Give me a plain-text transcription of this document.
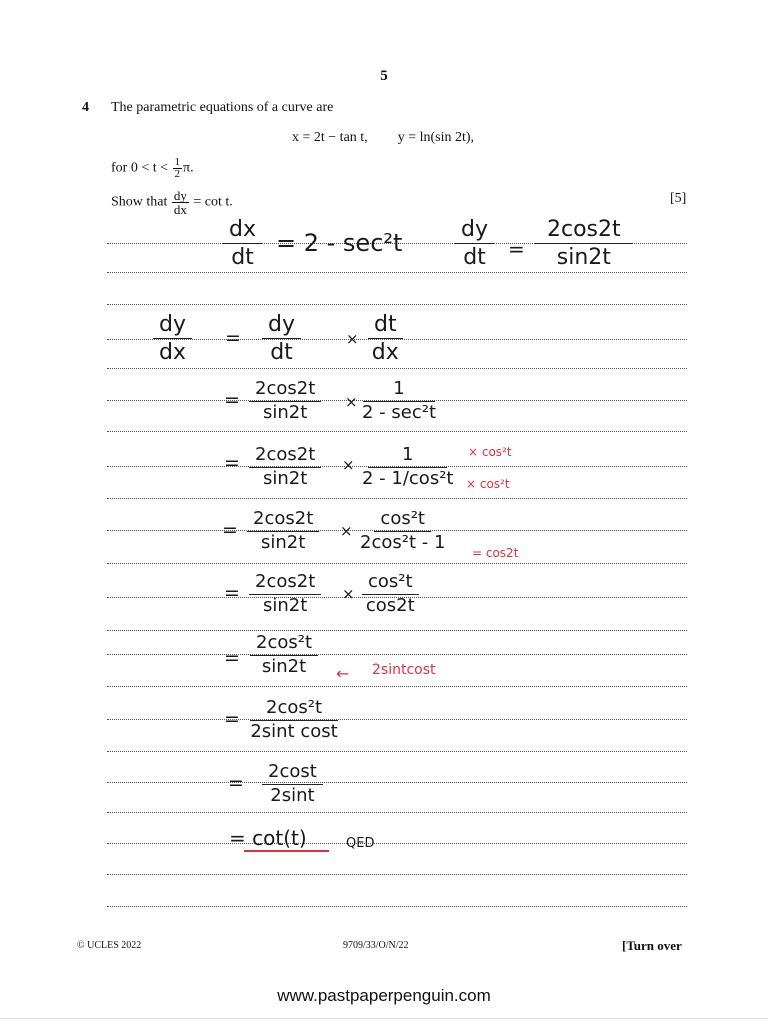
5
4 The parametric equations of a curve are
x = 2t − tan t, y = ln(sin 2t),
for $0 < t < \frac{1}{2} \pi$.
Show that $\frac{dy}{dx} = \cot t$.	[5]
$\frac{dx}{dt} = 2 - \sec^2t \frac{dy}{dt} = \frac{2\cos 2t}{\sin 2t}$
$\frac{dy}{dx} = \frac{dy}{dt}$	× $\frac{dt}{dx}$
= $\frac{2\cos 2t}{\sin 2t}$ ×
1
2 - sec²t
= $\frac{2\cos 2t}{\sin 2t} \times \frac{1}{\text{2 - 1/cos²t}} \times \cos^2t$
× cos²t
= $\frac{2\cos 2t}{\sin 2t} \times \frac{\text{cos²t}}{\text{2cos²t - 1}}$
= cos2t
= $\frac{2\cos 2t}{\sin 2t} \times \frac{\text{cos²t}}{\cos 2t}$
= $\frac{\text{2cos²t}}{\sin 2t}$ ← 2sintcost
= $\frac{\text{2cos²t}}{\text{2sint cost}}$
= $\frac{2\cos t}{2\sin t}$
= cot(t)	QED
© UCLES 2022	9709/33/O/N/22	[Turn over
www.pastpaperpenguin.com
